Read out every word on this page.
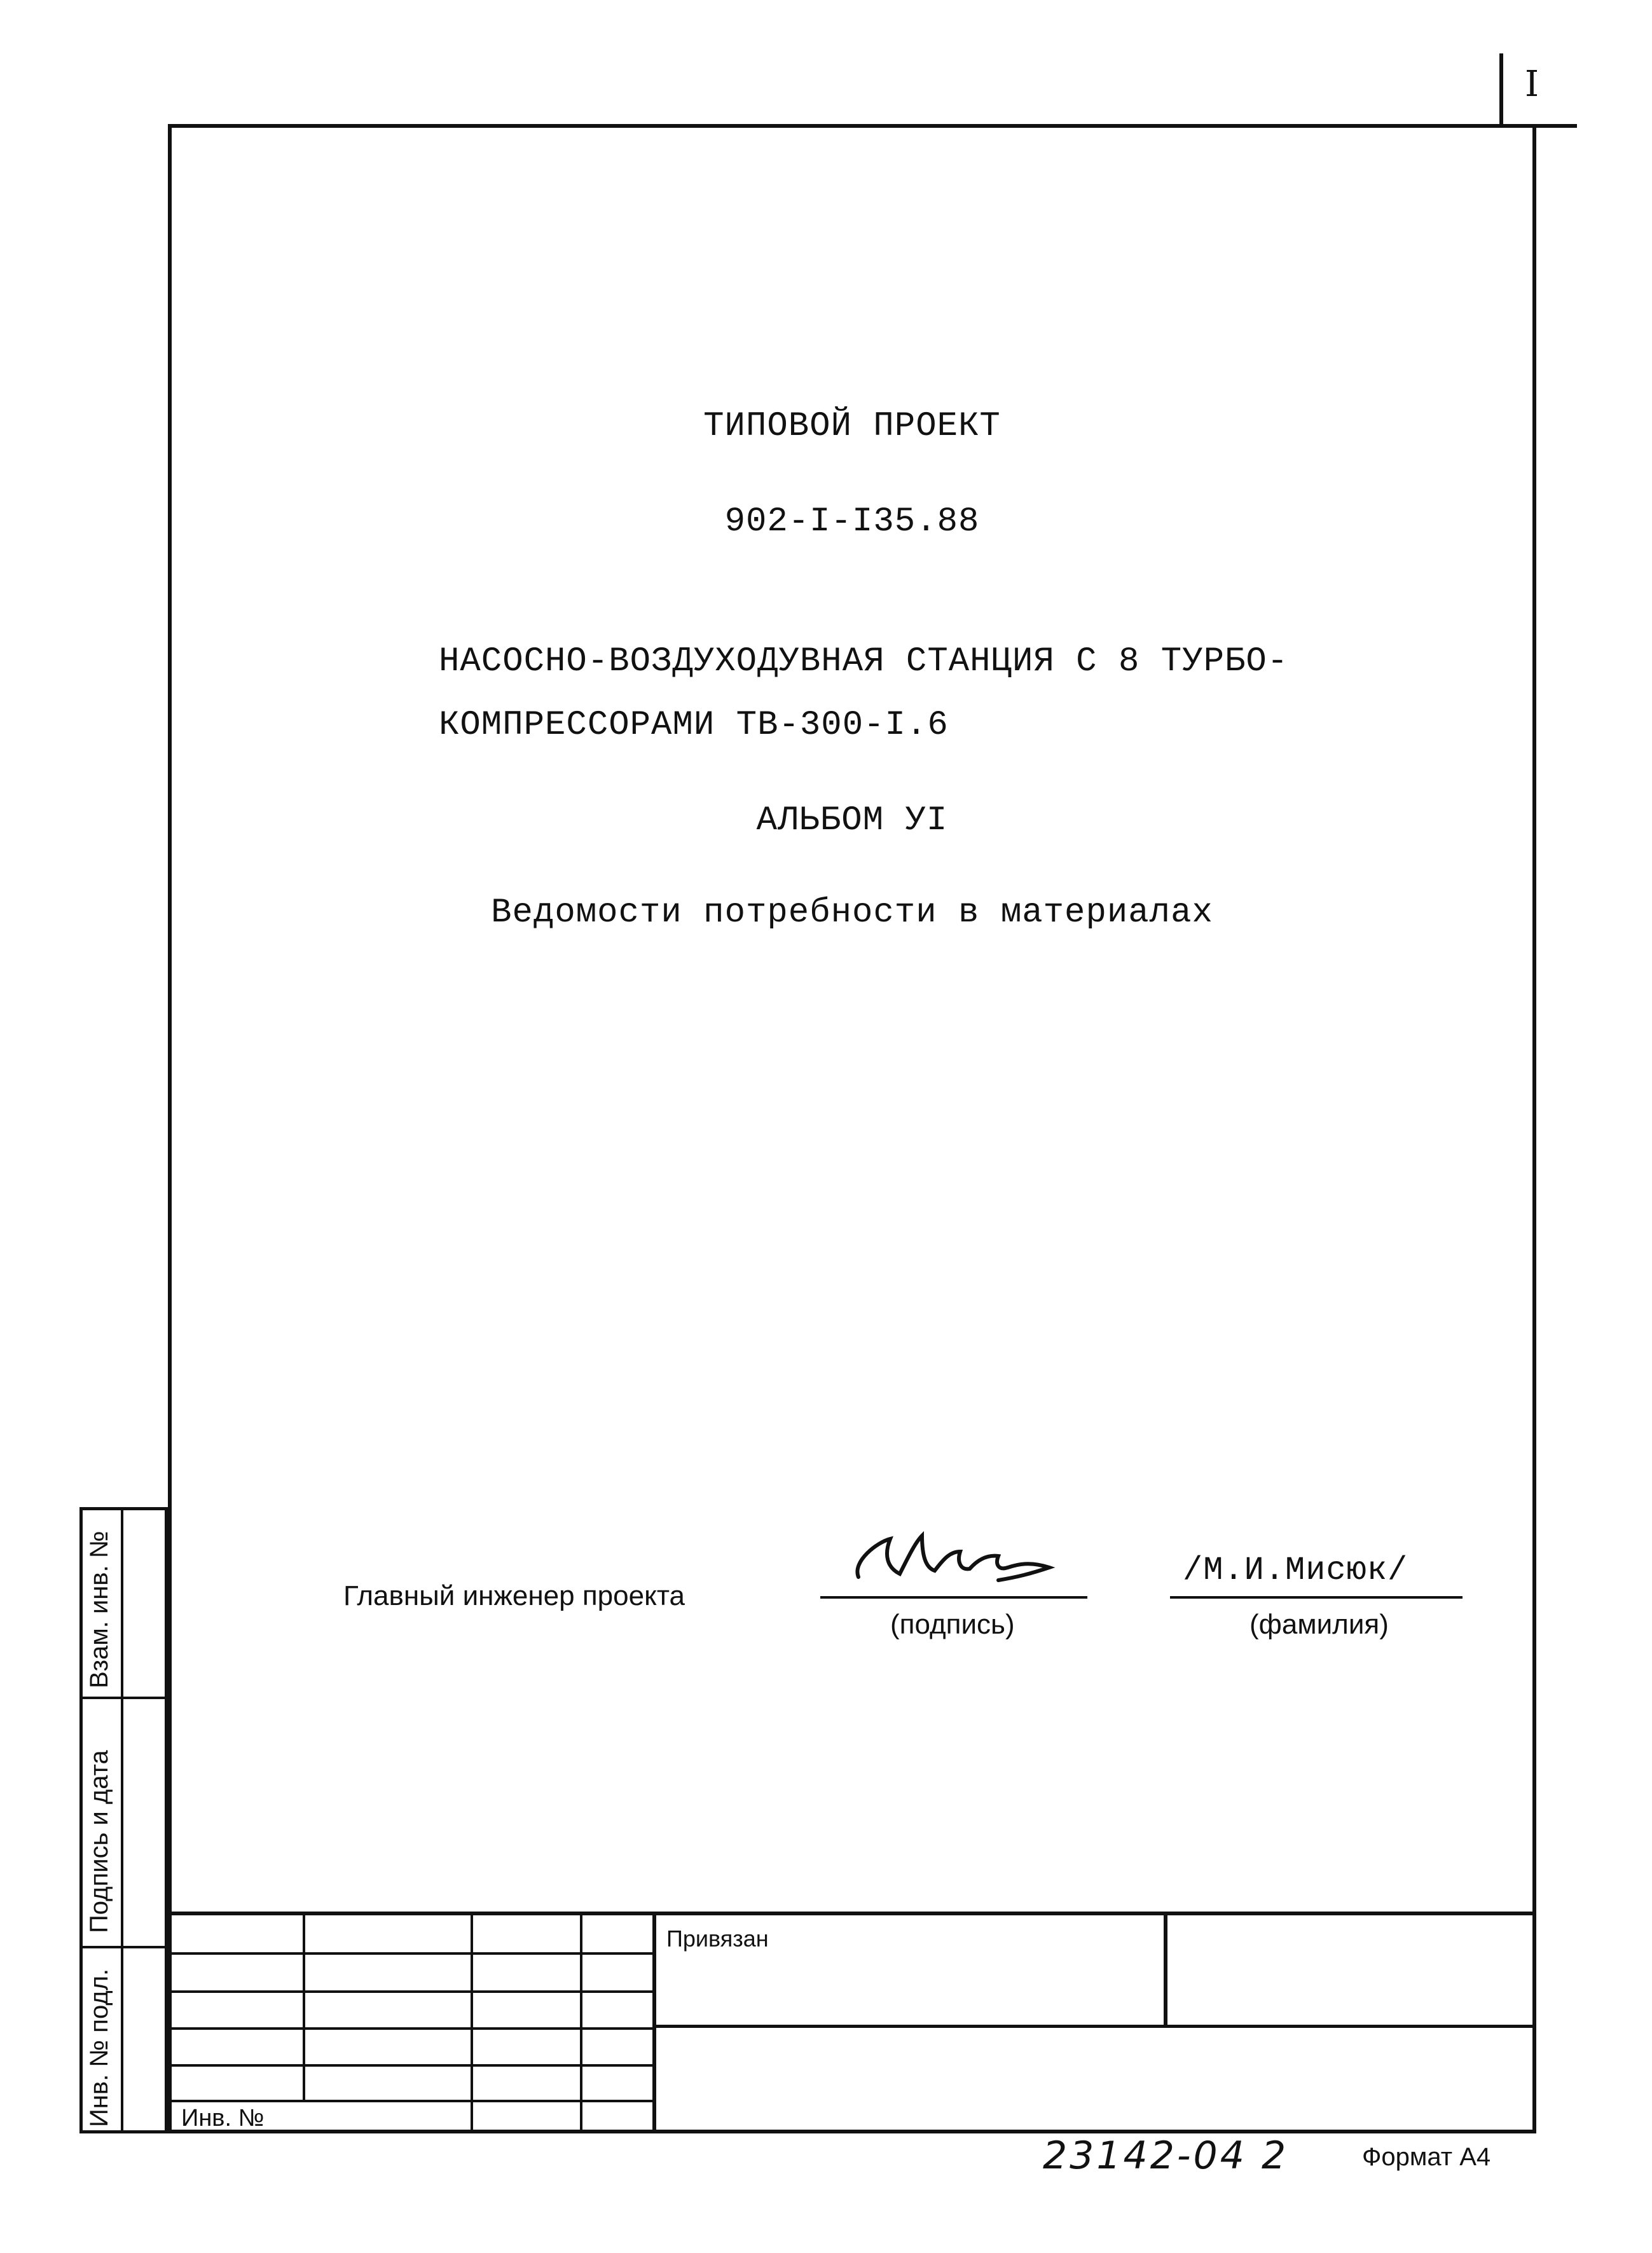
I
ТИПОВОЙ ПРОЕКТ
902-I-I35.88
НАСОСНО-ВОЗДУХОДУВНАЯ СТАНЦИЯ С 8 ТУРБО-
КОМПРЕССОРАМИ ТВ-300-I.6
АЛЬБОМ УI
Ведомости потребности в материалах
Главный инженер проекта
(подпись)
/М.И.Мисюк/
(фамилия)
Взам. инв. №
Подпись и дата
Инв. № подл.
Привязан
Инв. №
23142-04 2	Формат А4
